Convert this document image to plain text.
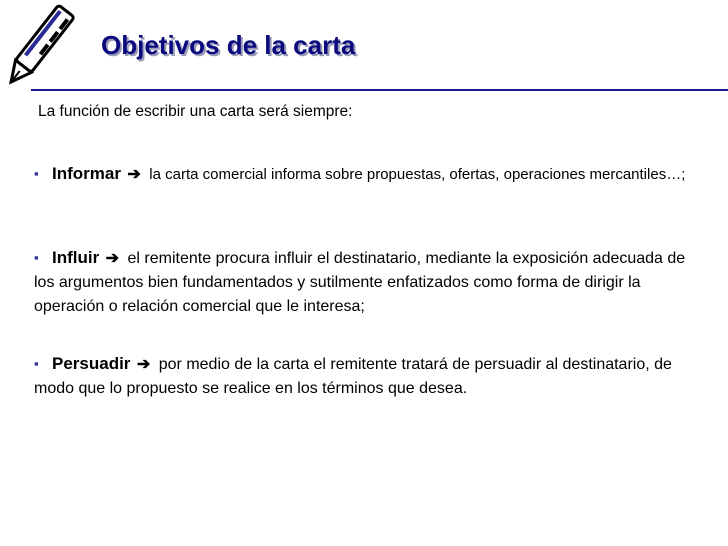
Objetivos de la carta
La función de escribir una carta será siempre:
▪ Informar ➔ la carta comercial informa sobre propuestas, ofertas, operaciones mercantiles…;
▪ Influir ➔ el remitente procura influir el destinatario, mediante la exposición adecuada de los argumentos bien fundamentados y sutilmente enfatizados como forma de dirigir la operación o relación comercial que le interesa;
▪ Persuadir ➔ por medio de la carta el remitente tratará de persuadir al destinatario, de modo que lo propuesto se realice en los términos que desea.
